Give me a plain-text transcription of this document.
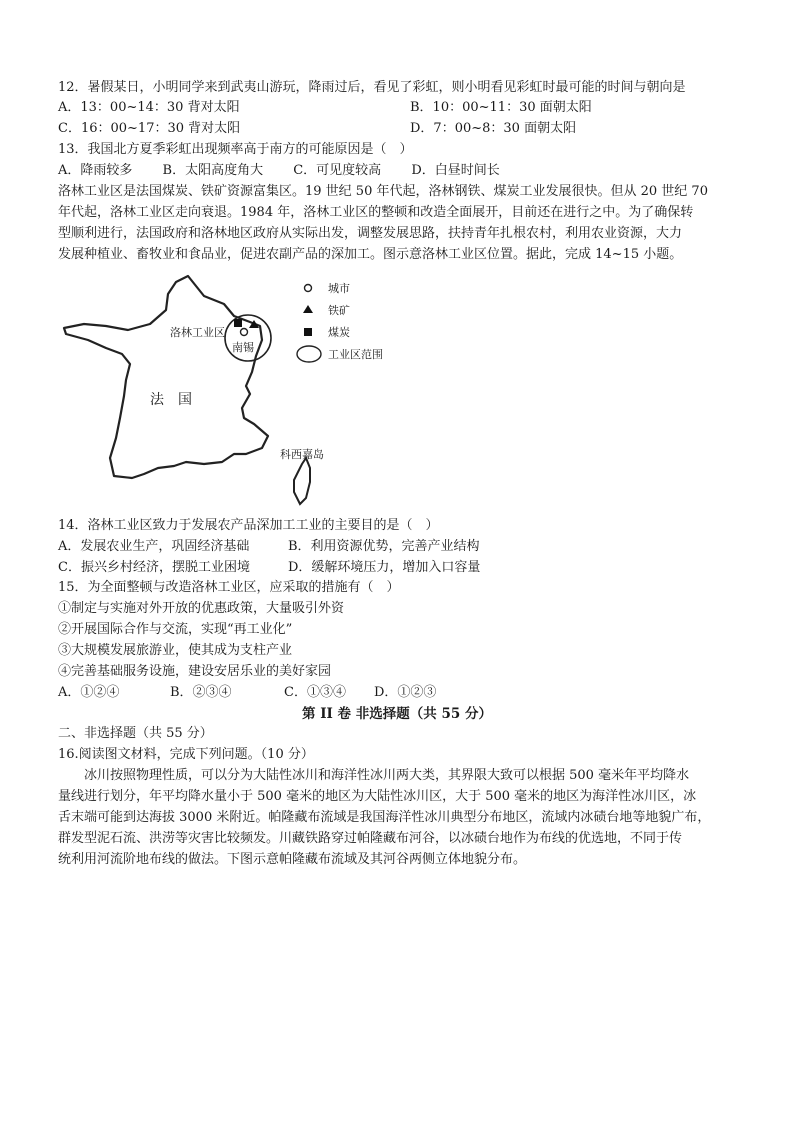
12．暑假某日，小明同学来到武夷山游玩，降雨过后，看见了彩虹，则小明看见彩虹时最可能的时间与朝向是
A．13：00~14：30 背对太阳	B．10：00~11：30 面朝太阳
C．16：00~17：30 背对太阳	D．7：00~8：30 面朝太阳
13．我国北方夏季彩虹出现频率高于南方的可能原因是（　）
A．降雨较多 B．太阳高度角大 C．可见度较高 D．白昼时间长
洛林工业区是法国煤炭、铁矿资源富集区。19 世纪 50 年代起，洛林钢铁、煤炭工业发展很快。但从 20 世纪 70
年代起，洛林工业区走向衰退。1984 年，洛林工业区的整顿和改造全面展开，目前还在进行之中。为了确保转
型顺利进行，法国政府和洛林地区政府从实际出发，调整发展思路，扶持青年扎根农村，利用农业资源，大力
发展种植业、畜牧业和食品业，促进农副产品的深加工。图示意洛林工业区位置。据此，完成 14~15 小题。
洛林工业区
南锡
法　国
科西嘉岛
城市
铁矿
煤炭
工业区范围
14．洛林工业区致力于发展农产品深加工工业的主要目的是（　）
A．发展农业生产，巩固经济基础	B．利用资源优势，完善产业结构
C．振兴乡村经济，摆脱工业困境	D．缓解环境压力，增加入口容量
15．为全面整顿与改造洛林工业区，应采取的措施有（　）
①制定与实施对外开放的优惠政策，大量吸引外资
②开展国际合作与交流，实现“再工业化”
③大规模发展旅游业，使其成为支柱产业
④完善基础服务设施，建设安居乐业的美好家园
A．①②④	B．②③④	C．①③④ D．①②③
第 II 卷 非选择题（共 55 分）
二、非选择题（共 55 分）
16.阅读图文材料，完成下列问题。（10 分）
冰川按照物理性质，可以分为大陆性冰川和海洋性冰川两大类，其界限大致可以根据 500 毫米年平均降水
量线进行划分，年平均降水量小于 500 毫米的地区为大陆性冰川区，大于 500 毫米的地区为海洋性冰川区，冰
舌末端可能到达海拔 3000 米附近。帕隆藏布流域是我国海洋性冰川典型分布地区，流域内冰碛台地等地貌广布，
群发型泥石流、洪涝等灾害比较频发。川藏铁路穿过帕隆藏布河谷，以冰碛台地作为布线的优选地，不同于传
统利用河流阶地布线的做法。下图示意帕隆藏布流域及其河谷两侧立体地貌分布。
